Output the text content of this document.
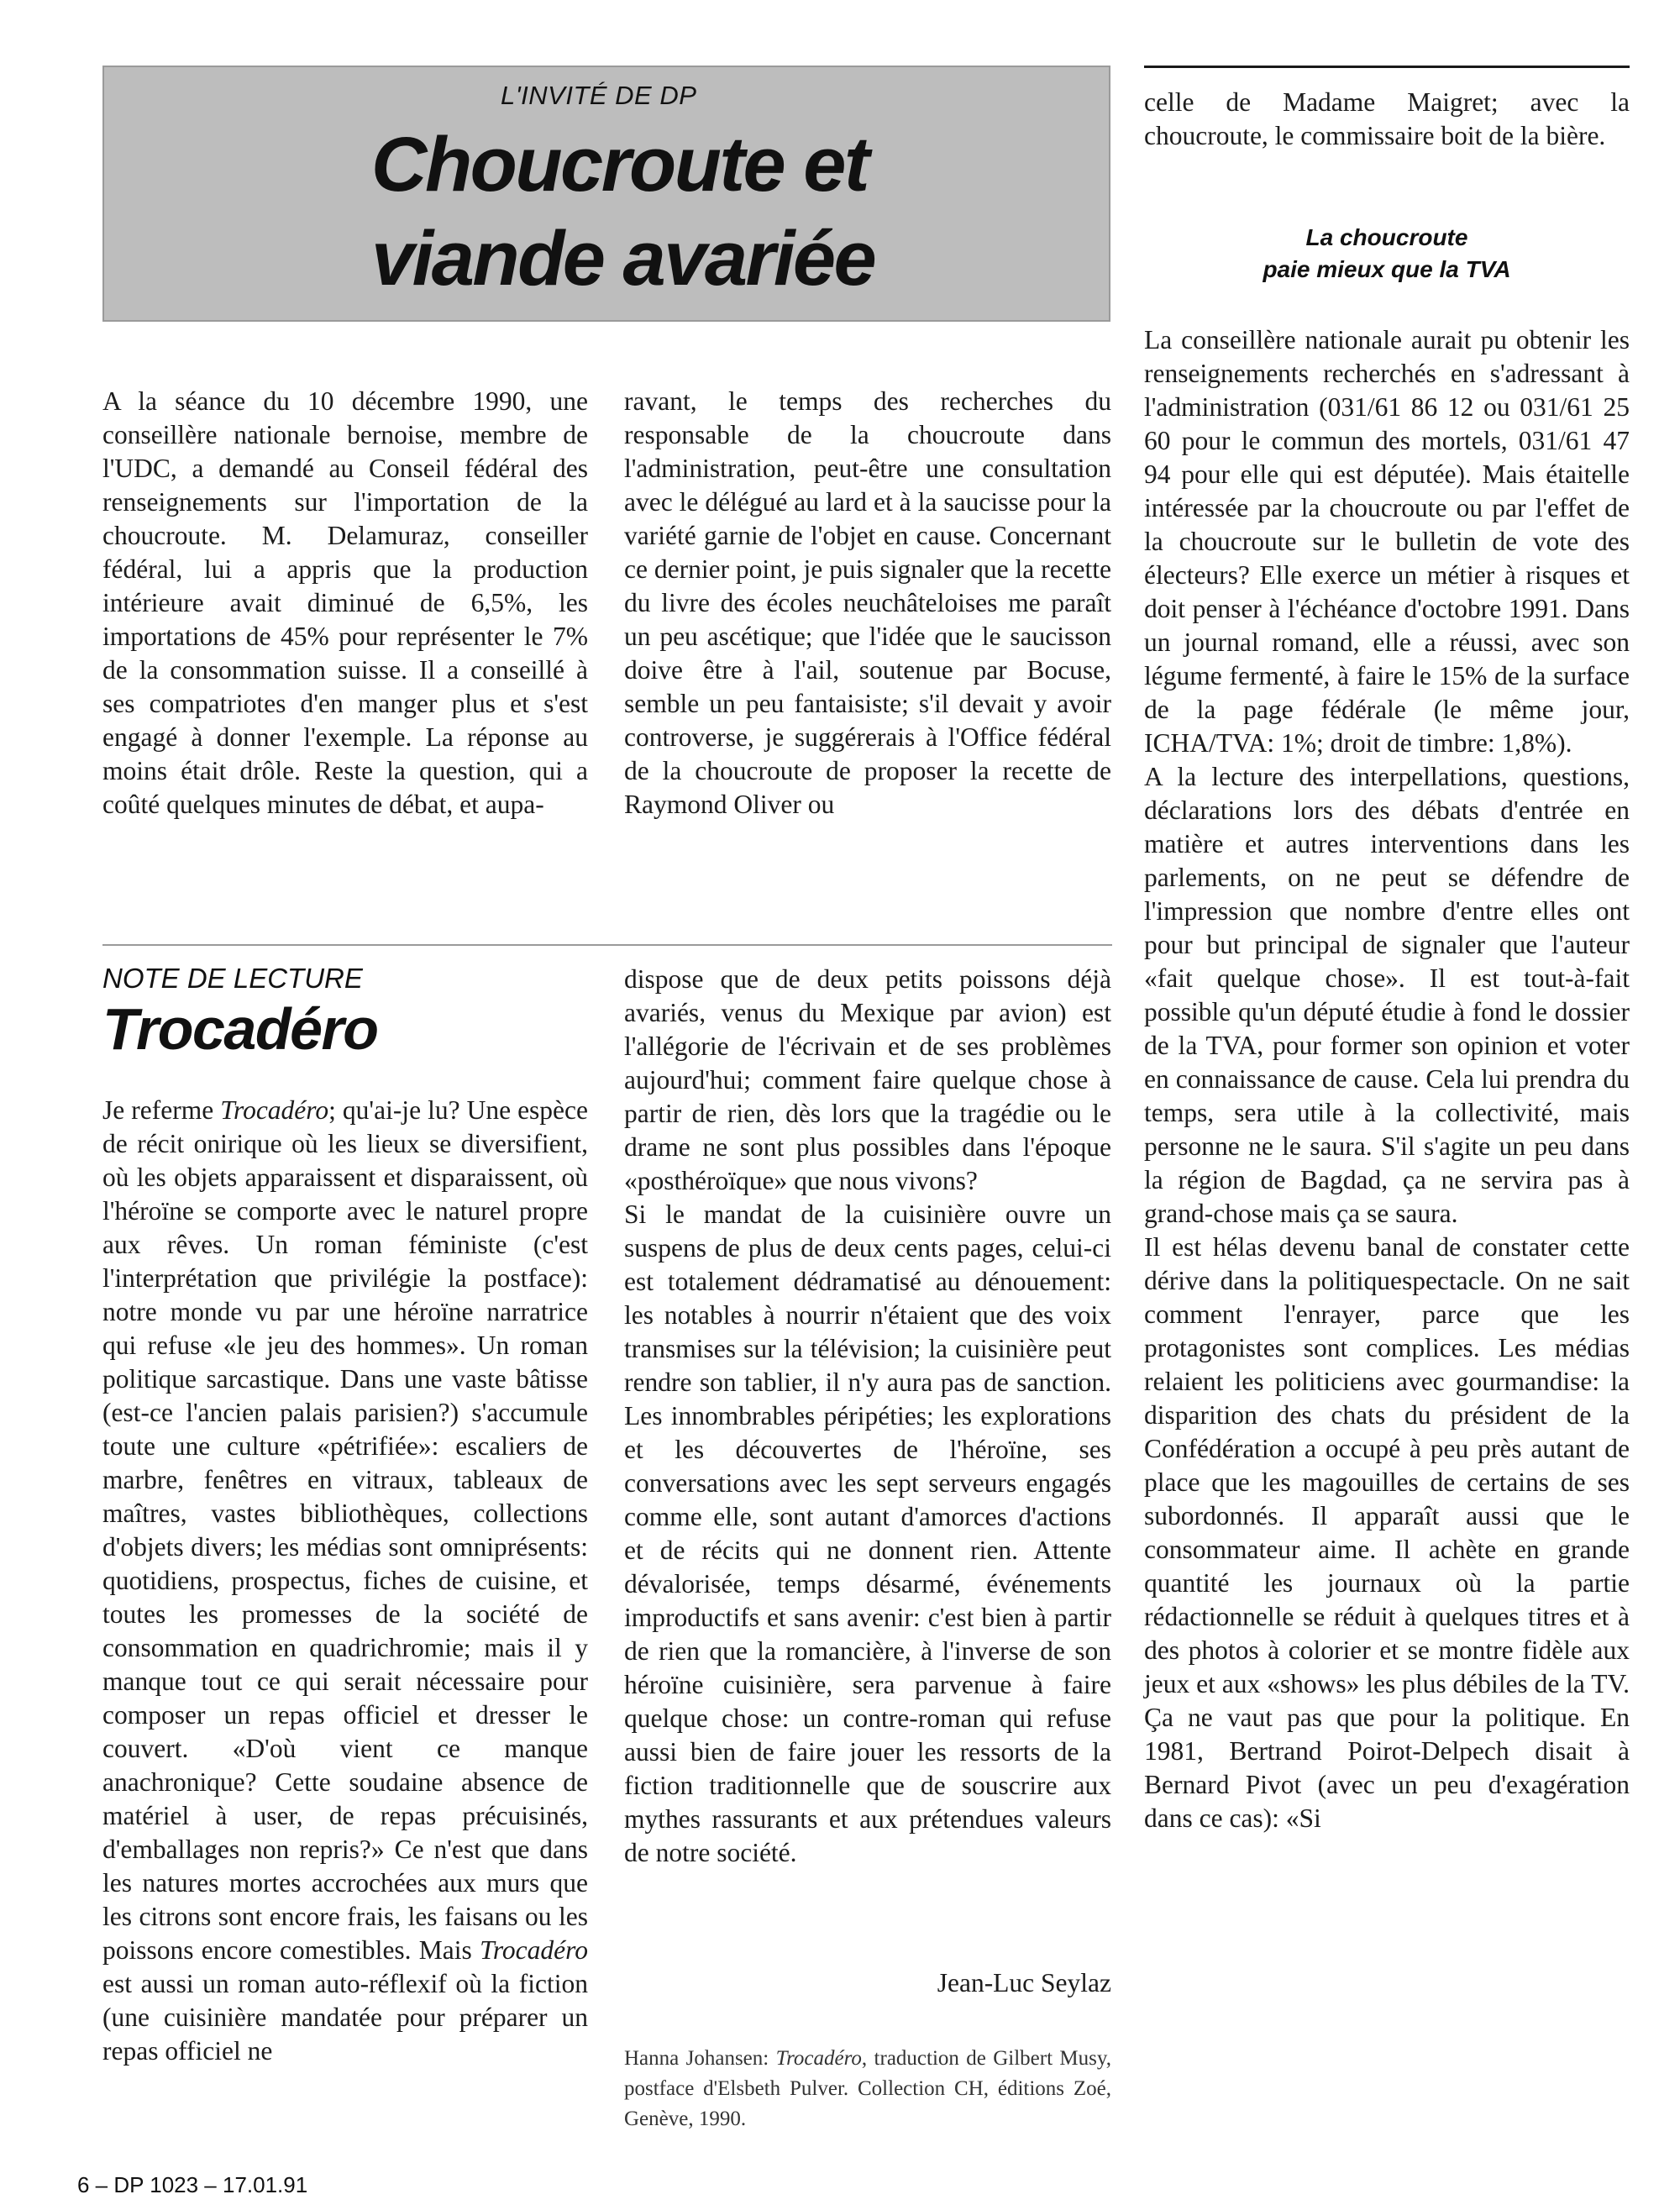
L'INVITÉ DE DP
Choucroute et
viande avariée

A la séance du 10 décembre 1990, une conseillère nationale bernoise, membre de l'UDC, a demandé au Conseil fédéral des renseignements sur l'importation de la choucroute. M. Delamuraz, conseiller fédéral, lui a appris que la production intérieure avait diminué de 6,5%, les importations de 45% pour représenter le 7% de la consommation suisse. Il a conseillé à ses compatriotes d'en manger plus et s'est engagé à donner l'exemple. La réponse au moins était drôle. Reste la question, qui a coûté quelques minutes de débat, et aupa-

ravant, le temps des recherches du responsable de la choucroute dans l'administration, peut-être une consultation avec le délégué au lard et à la saucisse pour la variété garnie de l'objet en cause. Concernant ce dernier point, je puis signaler que la recette du livre des écoles neuchâteloises me paraît un peu ascétique; que l'idée que le saucisson doive être à l'ail, soutenue par Bocuse, semble un peu fantaisiste; s'il devait y avoir controverse, je suggérerais à l'Office fédéral de la choucroute de proposer la recette de Raymond Oliver ou

celle de Madame Maigret; avec la choucroute, le commissaire boit de la bière.

La choucroute
paie mieux que la TVA

La conseillère nationale aurait pu obtenir les renseignements recherchés en s'adressant à l'administration (031/61 86 12 ou 031/61 25 60 pour le commun des mortels, 031/61 47 94 pour elle qui est députée). Mais étaitelle intéressée par la choucroute ou par l'effet de la choucroute sur le bulletin de vote des électeurs? Elle exerce un métier à risques et doit penser à l'échéance d'octobre 1991. Dans un journal romand, elle a réussi, avec son légume fermenté, à faire le 15% de la surface de la page fédérale (le même jour, ICHA/TVA: 1%; droit de timbre: 1,8%).

A la lecture des interpellations, questions, déclarations lors des débats d'entrée en matière et autres interventions dans les parlements, on ne peut se défendre de l'impression que nombre d'entre elles ont pour but principal de signaler que l'auteur «fait quelque chose». Il est tout-à-fait possible qu'un député étudie à fond le dossier de la TVA, pour former son opinion et voter en connaissance de cause. Cela lui prendra du temps, sera utile à la collectivité, mais personne ne le saura. S'il s'agite un peu dans la région de Bagdad, ça ne servira pas à grand-chose mais ça se saura.

Il est hélas devenu banal de constater cette dérive dans la politiquespectacle. On ne sait comment l'enrayer, parce que les protagonistes sont complices. Les médias relaient les politiciens avec gourmandise: la disparition des chats du président de la Confédération a occupé à peu près autant de place que les magouilles de certains de ses subordonnés. Il apparaît aussi que le consommateur aime. Il achète en grande quantité les journaux où la partie rédactionnelle se réduit à quelques titres et à des photos à colorier et se montre fidèle aux jeux et aux «shows» les plus débiles de la TV. Ça ne vaut pas que pour la politique. En 1981, Bertrand Poirot-Delpech disait à Bernard Pivot (avec un peu d'exagération dans ce cas): «Si

NOTE DE LECTURE
Trocadéro

Je referme Trocadéro; qu'ai-je lu? Une espèce de récit onirique où les lieux se diversifient, où les objets apparaissent et disparaissent, où l'héroïne se comporte avec le naturel propre aux rêves. Un roman féministe (c'est l'interprétation que privilégie la postface): notre monde vu par une héroïne narratrice qui refuse «le jeu des hommes». Un roman politique sarcastique. Dans une vaste bâtisse (est-ce l'ancien palais parisien?) s'accumule toute une culture «pétrifiée»: escaliers de marbre, fenêtres en vitraux, tableaux de maîtres, vastes bibliothèques, collections d'objets divers; les médias sont omniprésents: quotidiens, prospectus, fiches de cuisine, et toutes les promesses de la société de consommation en quadrichromie; mais il y manque tout ce qui serait nécessaire pour composer un repas officiel et dresser le couvert. «D'où vient ce manque anachronique? Cette soudaine absence de matériel à user, de repas précuisinés, d'emballages non repris?» Ce n'est que dans les natures mortes accrochées aux murs que les citrons sont encore frais, les faisans ou les poissons encore comestibles. Mais Trocadéro est aussi un roman auto-réflexif où la fiction (une cuisinière mandatée pour préparer un repas officiel ne

dispose que de deux petits poissons déjà avariés, venus du Mexique par avion) est l'allégorie de l'écrivain et de ses problèmes aujourd'hui; comment faire quelque chose à partir de rien, dès lors que la tragédie ou le drame ne sont plus possibles dans l'époque «posthéroïque» que nous vivons?

Si le mandat de la cuisinière ouvre un suspens de plus de deux cents pages, celui-ci est totalement dédramatisé au dénouement: les notables à nourrir n'étaient que des voix transmises sur la télévision; la cuisinière peut rendre son tablier, il n'y aura pas de sanction. Les innombrables péripéties; les explorations et les découvertes de l'héroïne, ses conversations avec les sept serveurs engagés comme elle, sont autant d'amorces d'actions et de récits qui ne donnent rien. Attente dévalorisée, temps désarmé, événements improductifs et sans avenir: c'est bien à partir de rien que la romancière, à l'inverse de son héroïne cuisinière, sera parvenue à faire quelque chose: un contre-roman qui refuse aussi bien de faire jouer les ressorts de la fiction traditionnelle que de souscrire aux mythes rassurants et aux prétendues valeurs de notre société.

Jean-Luc Seylaz
Hanna Johansen: Trocadéro, traduction de Gilbert Musy, postface d'Elsbeth Pulver. Collection CH, éditions Zoé, Genève, 1990.
6 – DP 1023 – 17.01.91
